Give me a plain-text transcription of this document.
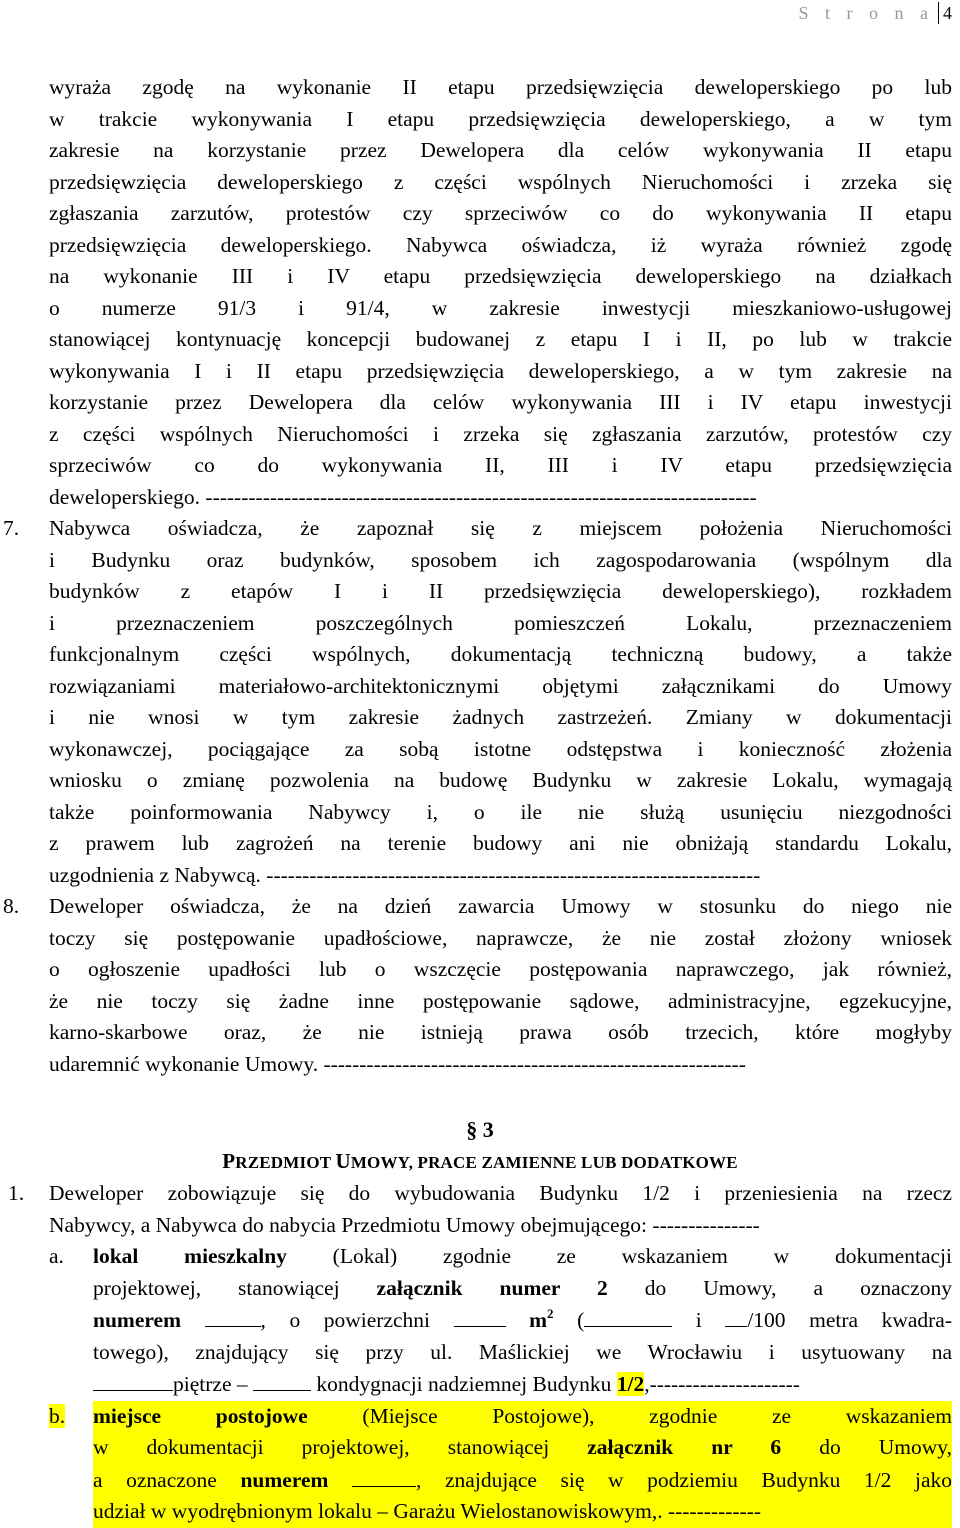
S t r o n a 4
wyraża zgodę na wykonanie II etapu przedsięwzięcia deweloperskiego po lub
w trakcie wykonywania I etapu przedsięwzięcia deweloperskiego, a w tym
zakresie na korzystanie przez Dewelopera dla celów wykonywania II etapu
przedsięwzięcia deweloperskiego z części wspólnych Nieruchomości i zrzeka się
zgłaszania zarzutów, protestów czy sprzeciwów co do wykonywania II etapu
przedsięwzięcia deweloperskiego. Nabywca oświadcza, iż wyraża również zgodę
na wykonanie III i IV etapu przedsięwzięcia deweloperskiego na działkach
o numerze 91/3 i 91/4, w zakresie inwestycji mieszkaniowo-usługowej
stanowiącej kontynuację koncepcji budowanej z etapu I i II, po lub w trakcie
wykonywania I i II etapu przedsięwzięcia deweloperskiego, a w tym zakresie na
korzystanie przez Dewelopera dla celów wykonywania III i IV etapu inwestycji
z części wspólnych Nieruchomości i zrzeka się zgłaszania zarzutów, protestów czy
sprzeciwów co do wykonywania II, III i IV etapu przedsięwzięcia
deweloperskiego. -----------------------------------------------------------------------------
7.	Nabywca oświadcza, że zapoznał się z miejscem położenia Nieruchomości
i Budynku oraz budynków, sposobem ich zagospodarowania (wspólnym dla
budynków z etapów I i II przedsięwzięcia deweloperskiego), rozkładem
i przeznaczeniem poszczególnych pomieszczeń Lokalu, przeznaczeniem
funkcjonalnym części wspólnych, dokumentacją techniczną budowy, a także
rozwiązaniami materiałowo-architektonicznymi objętymi załącznikami do Umowy
i nie wnosi w tym zakresie żadnych zastrzeżeń. Zmiany w dokumentacji
wykonawczej, pociągające za sobą istotne odstępstwa i konieczność złożenia
wniosku o zmianę pozwolenia na budowę Budynku w zakresie Lokalu, wymagają
także poinformowania Nabywcy i, o ile nie służą usunięciu niezgodności
z prawem lub zagrożeń na terenie budowy ani nie obniżają standardu Lokalu,
uzgodnienia z Nabywcą. ---------------------------------------------------------------------
8.	Deweloper oświadcza, że na dzień zawarcia Umowy w stosunku do niego nie
toczy się postępowanie upadłościowe, naprawcze, że nie został złożony wniosek
o ogłoszenie upadłości lub o wszczęcie postępowania naprawczego, jak również,
że nie toczy się żadne inne postępowanie sądowe, administracyjne, egzekucyjne,
karno-skarbowe oraz, że nie istnieją prawa osób trzecich, które mogłyby
udaremnić wykonanie Umowy. -----------------------------------------------------------
§ 3
PRZEDMIOT UMOWY, PRACE ZAMIENNE LUB DODATKOWE
1.	Deweloper zobowiązuje się do wybudowania Budynku 1/2 i przeniesienia na rzecz
Nabywcy, a Nabywca do nabycia Przedmiotu Umowy obejmującego: ---------------
a.	lokal mieszkalny (Lokal) zgodnie ze wskazaniem w dokumentacji
projektowej, stanowiącej załącznik numer 2 do Umowy, a oznaczony
numerem	, o powierzchni	$m^2$ (	i /100 metra kwadra-
towego), znajdujący się przy ul. Maślickiej we Wrocławiu i usytuowany na
piętrze –	kondygnacji nadziemnej Budynku 1/2,---------------------
b.	miejsce postojowe (Miejsce Postojowe), zgodnie ze wskazaniem
w dokumentacji projektowej, stanowiącej załącznik nr 6 do Umowy,
a oznaczone numerem	, znajdujące się w podziemiu Budynku 1/2 jako
udział w wyodrębnionym lokalu – Garażu Wielostanowiskowym,. -------------
